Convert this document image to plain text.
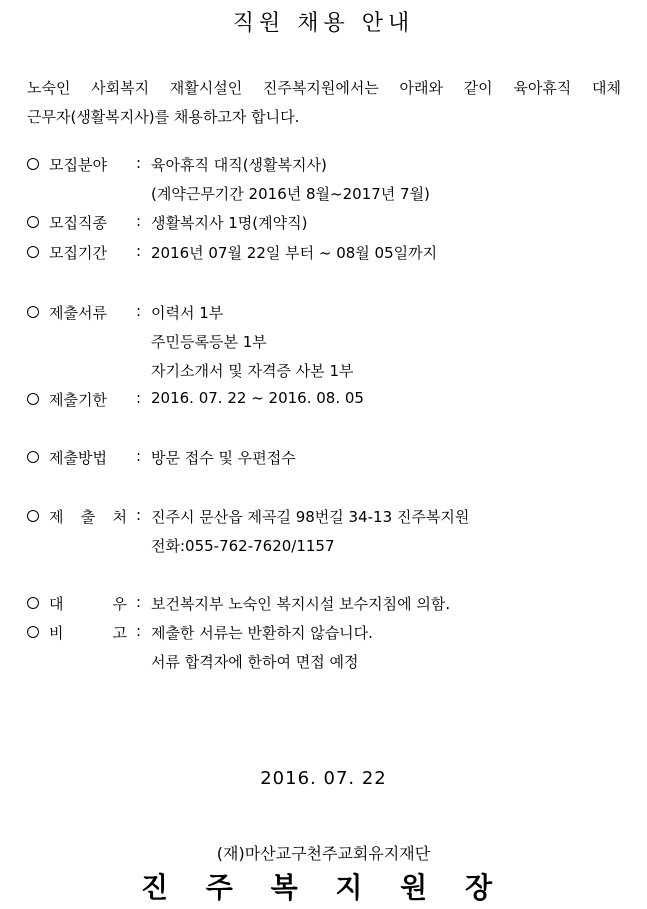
직원 채용 안내
노숙인 사회복지 재활시설인 진주복지원에서는 아래와 같이 육아휴직 대체
근무자(생활복지사)를 채용하고자 합니다.
모집분야 : 육아휴직 대직(생활복지사)
(계약근무기간 2016년 8월~2017년 7월)
모집직종 : 생활복지사 1명(계약직)
모집기간 : 2016년 07월 22일 부터 ~ 08월 05일까지
제출서류 : 이력서 1부
주민등록등본 1부
자기소개서 및 자격증 사본 1부
제출기한 : 2016. 07. 22 ~ 2016. 08. 05
제출방법 : 방문 접수 및 우편접수
제 출 처 : 진주시 문산읍 제곡길 98번길 34-13 진주복지원
전화:055-762-7620/1157
대	우 : 보건복지부 노숙인 복지시설 보수지침에 의함.
비	고 : 제출한 서류는 반환하지 않습니다.
서류 합격자에 한하여 면접 예정
2016. 07. 22
(재)마산교구천주교회유지재단
진 주 복 지 원 장
